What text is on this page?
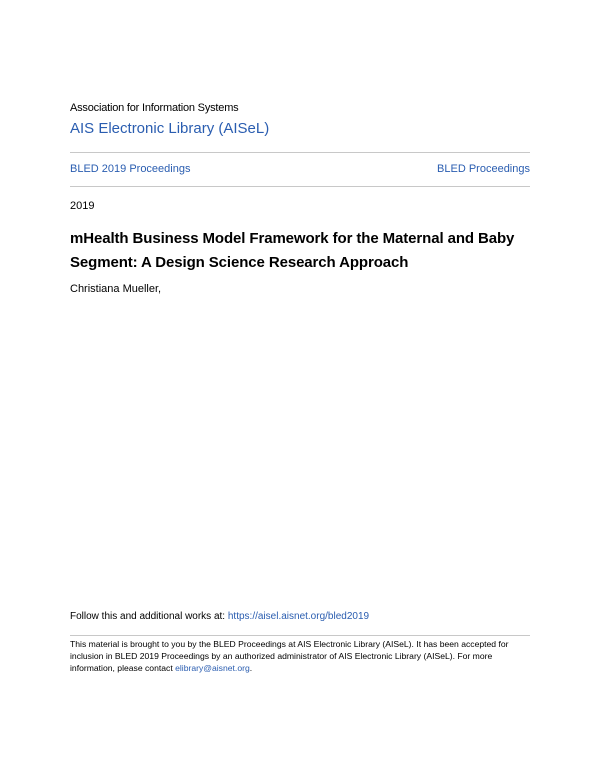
Association for Information Systems
AIS Electronic Library (AISeL)
BLED 2019 Proceedings	BLED Proceedings
2019
mHealth Business Model Framework for the Maternal and Baby Segment: A Design Science Research Approach
Christiana Mueller,
Follow this and additional works at: https://aisel.aisnet.org/bled2019
This material is brought to you by the BLED Proceedings at AIS Electronic Library (AISeL). It has been accepted for inclusion in BLED 2019 Proceedings by an authorized administrator of AIS Electronic Library (AISeL). For more information, please contact elibrary@aisnet.org.
